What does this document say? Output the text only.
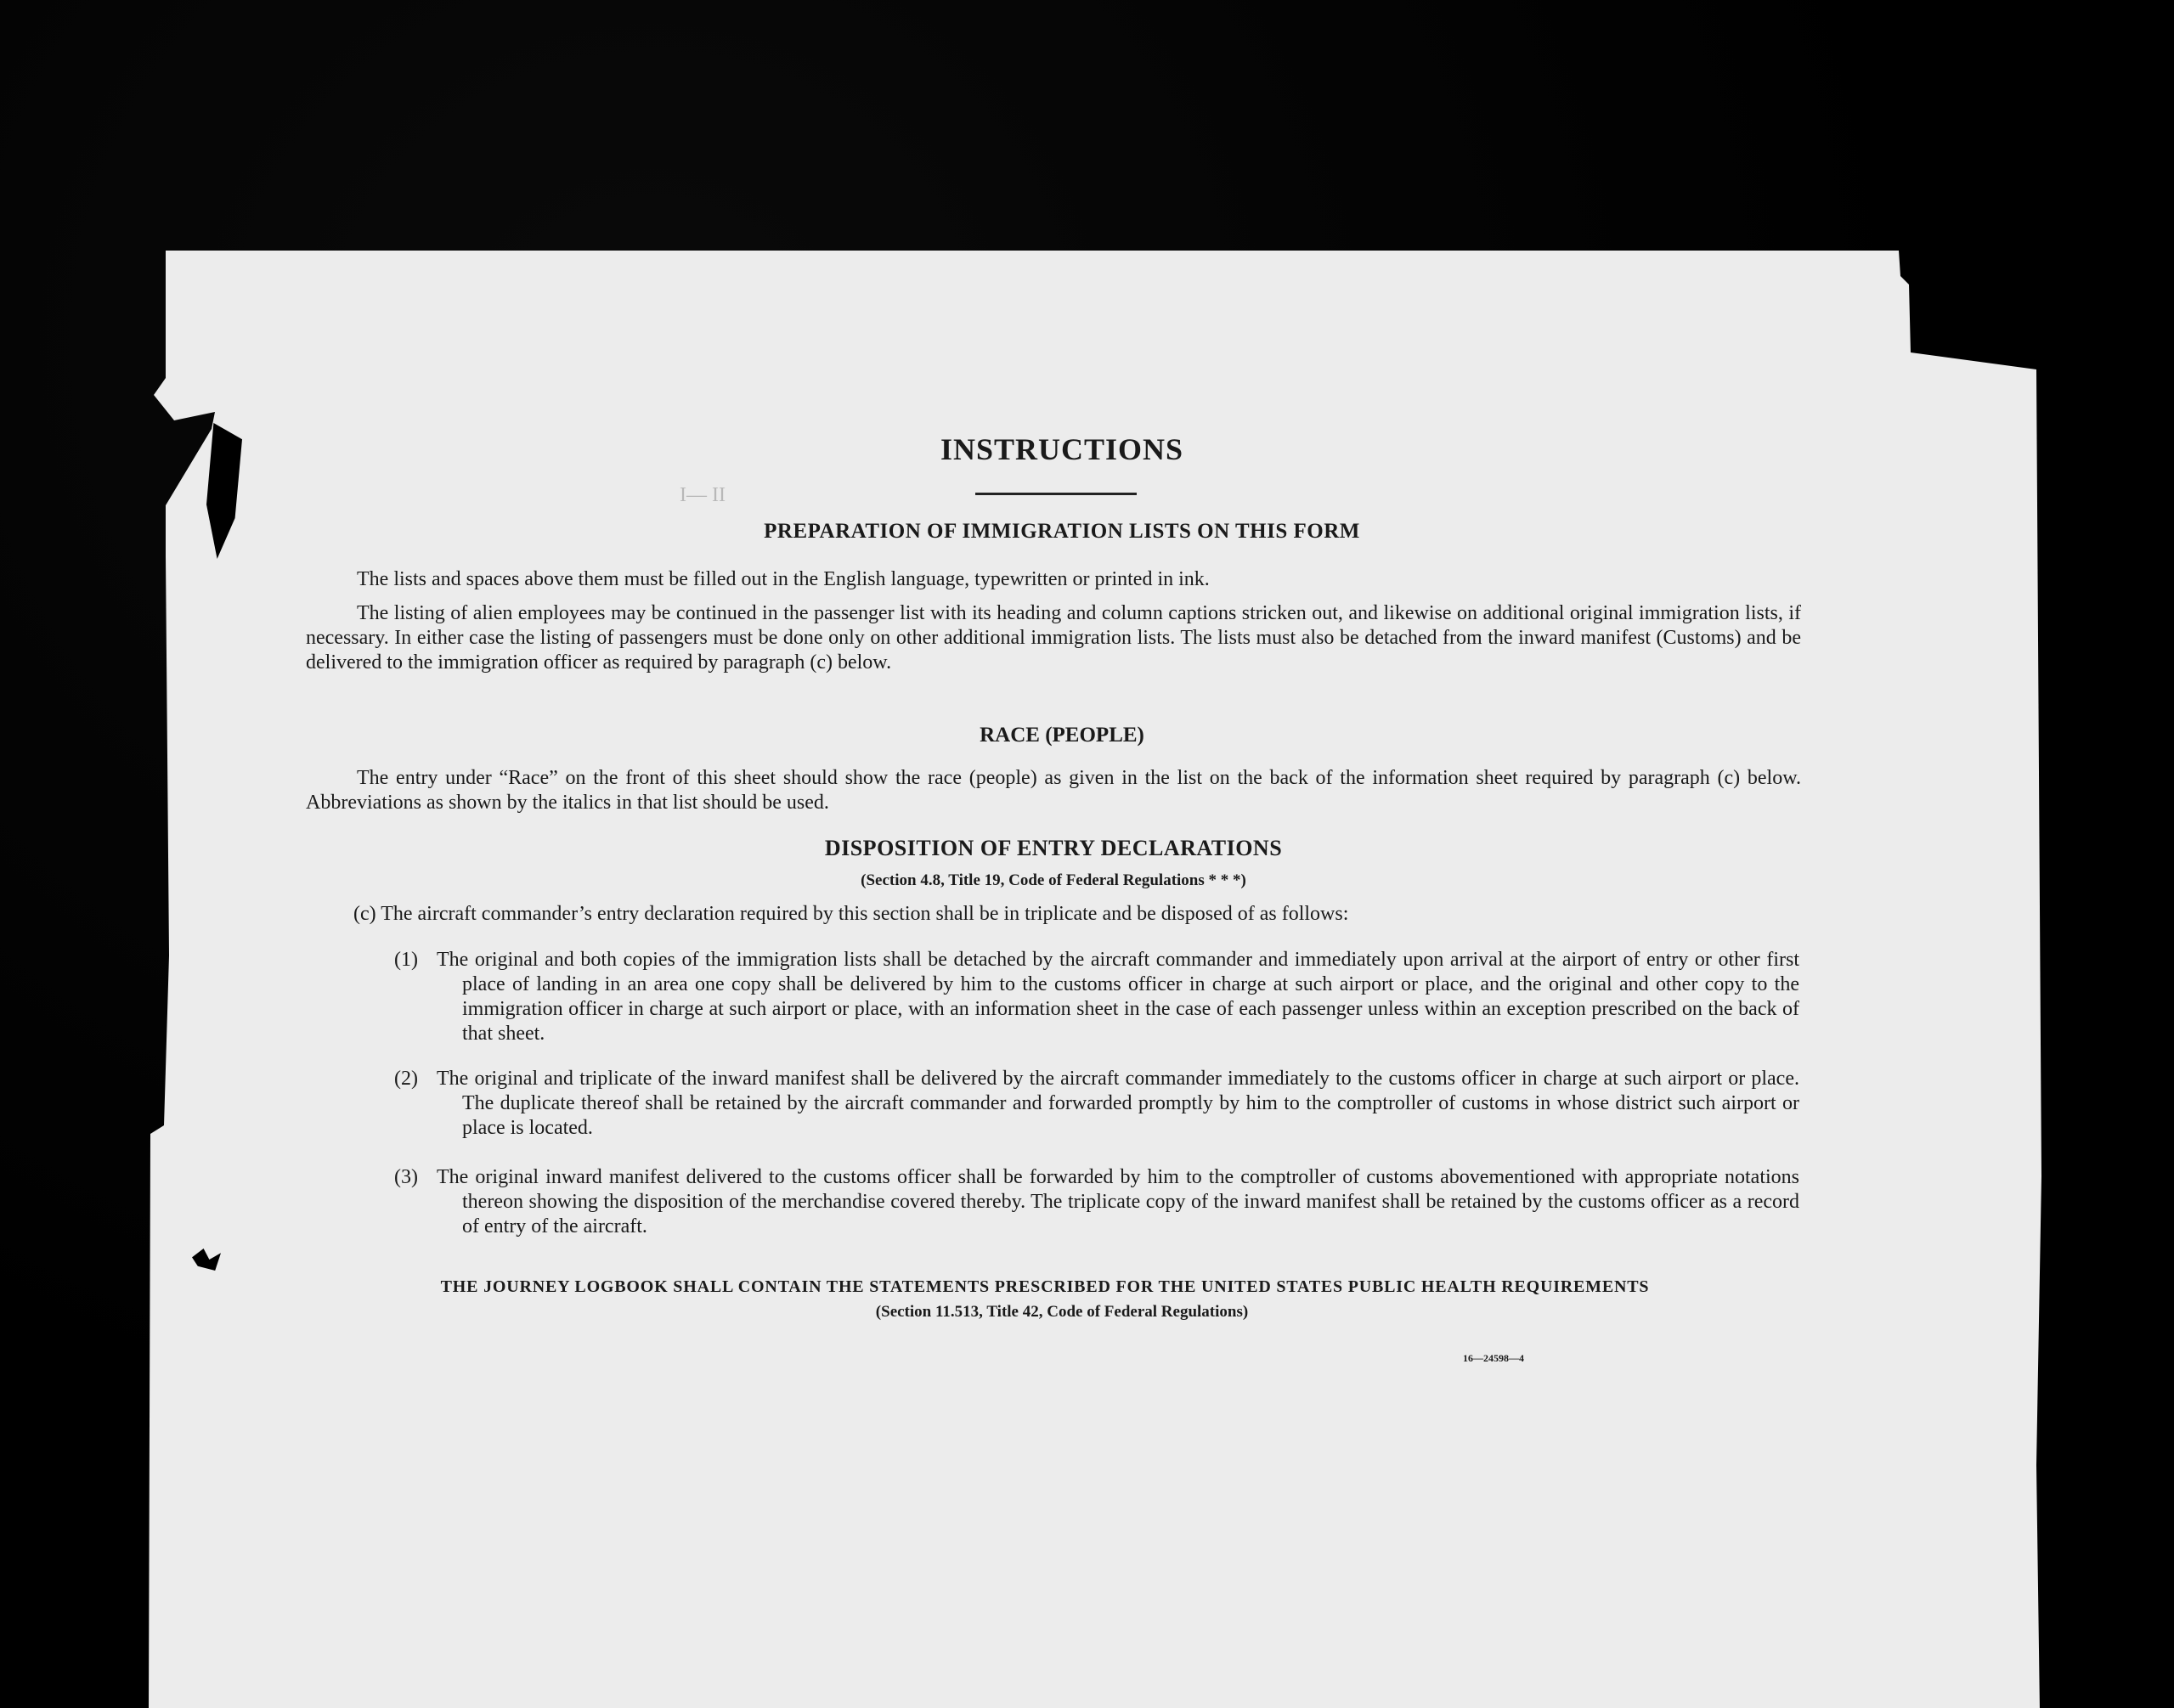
I— II
INSTRUCTIONS
PREPARATION OF IMMIGRATION LISTS ON THIS FORM
The lists and spaces above them must be filled out in the English language, typewritten or printed in ink.
The listing of alien employees may be continued in the passenger list with its heading and column captions stricken out, and likewise on additional original immigration lists, if necessary. In either case the listing of passengers must be done only on other additional immigration lists. The lists must also be detached from the inward manifest (Customs) and be delivered to the immigration officer as required by paragraph (c) below.
RACE (PEOPLE)
The entry under “Race” on the front of this sheet should show the race (people) as given in the list on the back of the information sheet required by paragraph (c) below. Abbreviations as shown by the italics in that list should be used.
DISPOSITION OF ENTRY DECLARATIONS
(Section 4.8, Title 19, Code of Federal Regulations * * *)
(c) The aircraft commander’s entry declaration required by this section shall be in triplicate and be disposed of as follows:
(1) The original and both copies of the immigration lists shall be detached by the aircraft commander and immediately upon arrival at the airport of entry or other first place of landing in an area one copy shall be delivered by him to the customs officer in charge at such airport or place, and the original and other copy to the immigration officer in charge at such airport or place, with an information sheet in the case of each passenger unless within an exception prescribed on the back of that sheet.
(2) The original and triplicate of the inward manifest shall be delivered by the aircraft commander immediately to the customs officer in charge at such airport or place. The duplicate thereof shall be retained by the aircraft commander and forwarded promptly by him to the comptroller of customs in whose district such airport or place is located.
(3) The original inward manifest delivered to the customs officer shall be forwarded by him to the comptroller of customs abovementioned with appropriate notations thereon showing the disposition of the merchandise covered thereby. The triplicate copy of the inward manifest shall be retained by the customs officer as a record of entry of the aircraft.
THE JOURNEY LOGBOOK SHALL CONTAIN THE STATEMENTS PRESCRIBED FOR THE UNITED STATES PUBLIC HEALTH REQUIREMENTS
(Section 11.513, Title 42, Code of Federal Regulations)
16—24598—4
